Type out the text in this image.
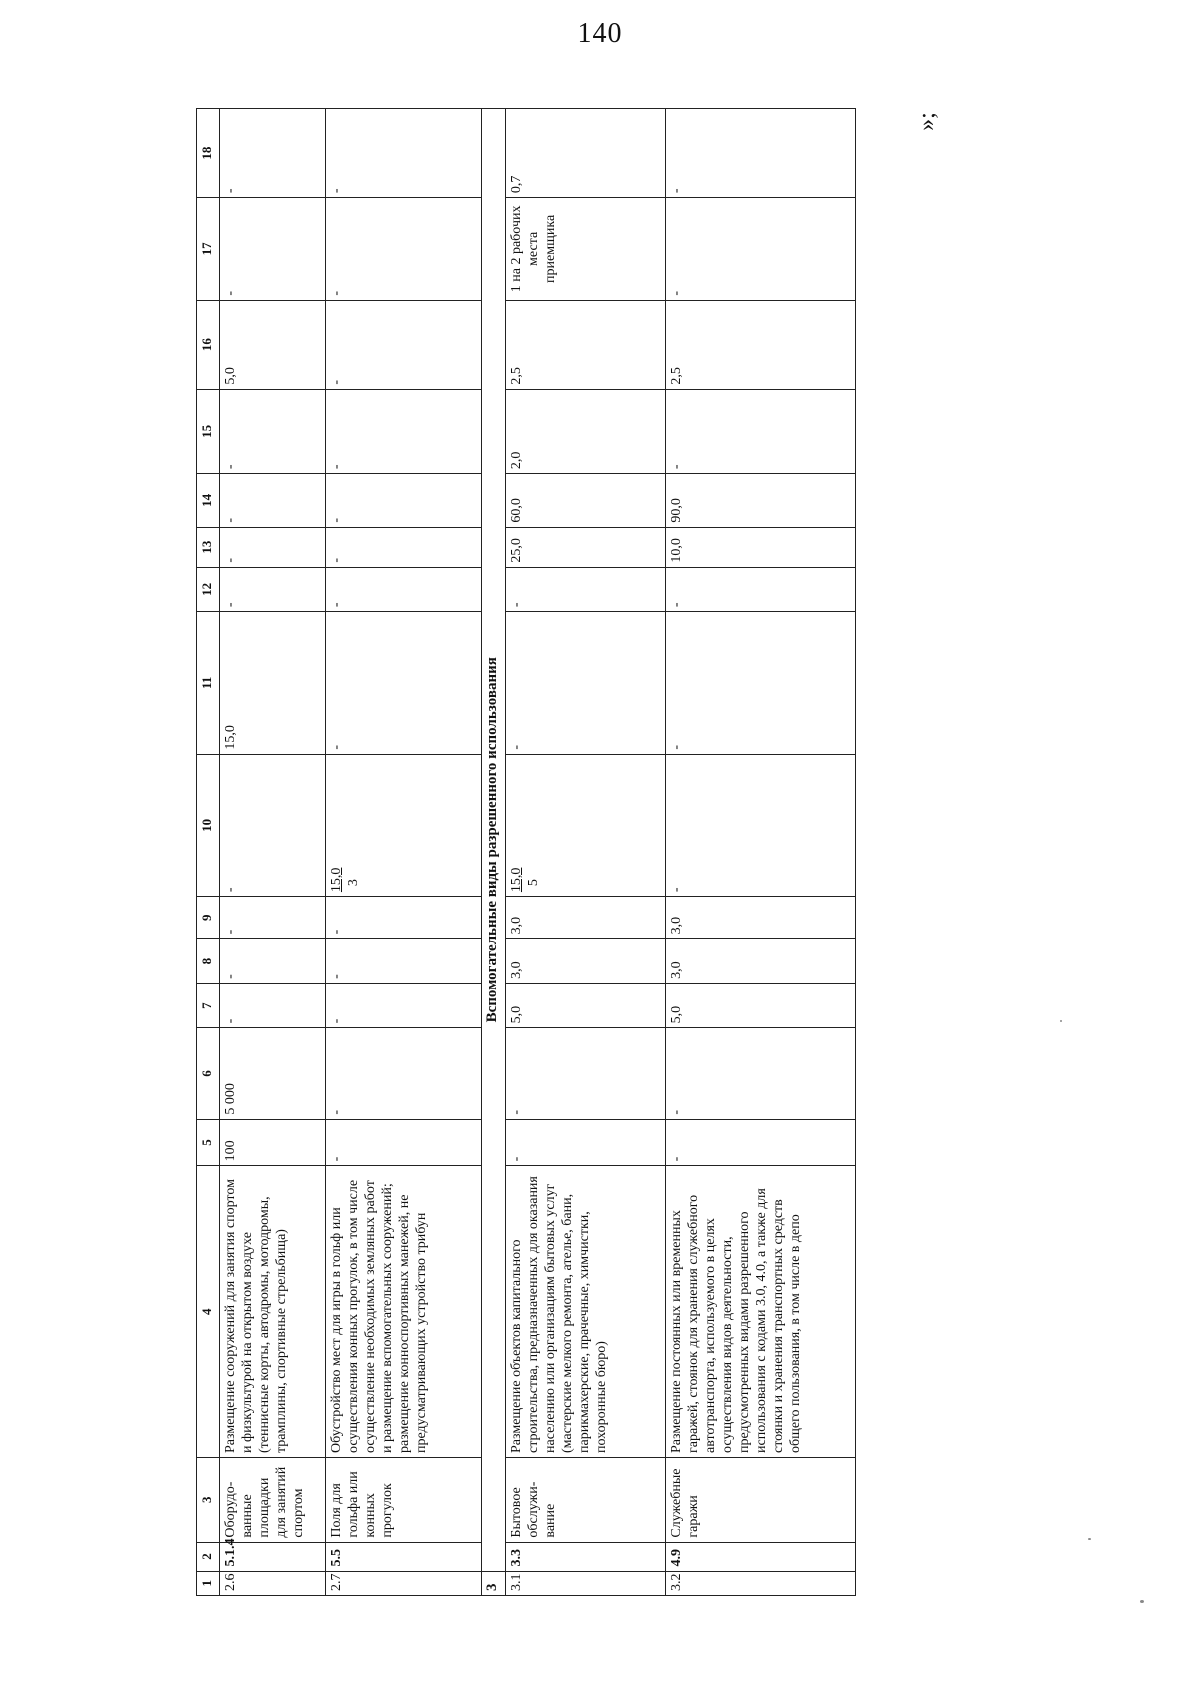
140
1	2	3	4	5	6	7	8	9	10	11	12	13	14	15	16	17	18
2.6	5.1.4	Оборудо-ванные площадки для занятий спортом	Размещение сооружений для занятия спортом и физкультурой на открытом воздухе (теннисные корты, автодромы, мотодромы, трамплины, спортивные стрельбища)	100	5 000	-	-	-	-	15,0	-	-	-	-	5,0	-	-
2.7	5.5	Поля для гольфа или конных прогулок	Обустройство мест для игры в гольф или осуществления конных прогулок, в том числе осуществление необходимых земляных работ и размещение вспомогательных сооружений; размещение конноспортивных манежей, не предусматривающих устройство трибун	-	-	-	-	-	15,0 3	-	-	-	-	-	-	-	-
3	Вспомогательные виды разрешенного использования																
3.1	3.3	Бытовое обслужи-вание	Размещение объектов капитального строительства, предназначенных для оказания населению или организациям бытовых услуг (мастерские мелкого ремонта, ателье, бани, парикмахерские, прачечные, химчистки, похоронные бюро)	-	-	5,0	3,0	3,0	15,0 5	-	-	25,0	60,0	2,0	2,5	1 на 2 рабочих места приемщика	0,7
3.2	4.9	Служебные гаражи	Размещение постоянных или временных гаражей, стоянок для хранения служебного автотранспорта, используемого в целях осуществления видов деятельности, предусмотренных видами разрешенного использования с кодами 3.0, 4.0, а также для стоянки и хранения транспортных средств общего пользования, в том числе в депо	-	-	5,0	3,0	3,0	-	-	-	10,0	90,0	-	2,5	-	-
»;
